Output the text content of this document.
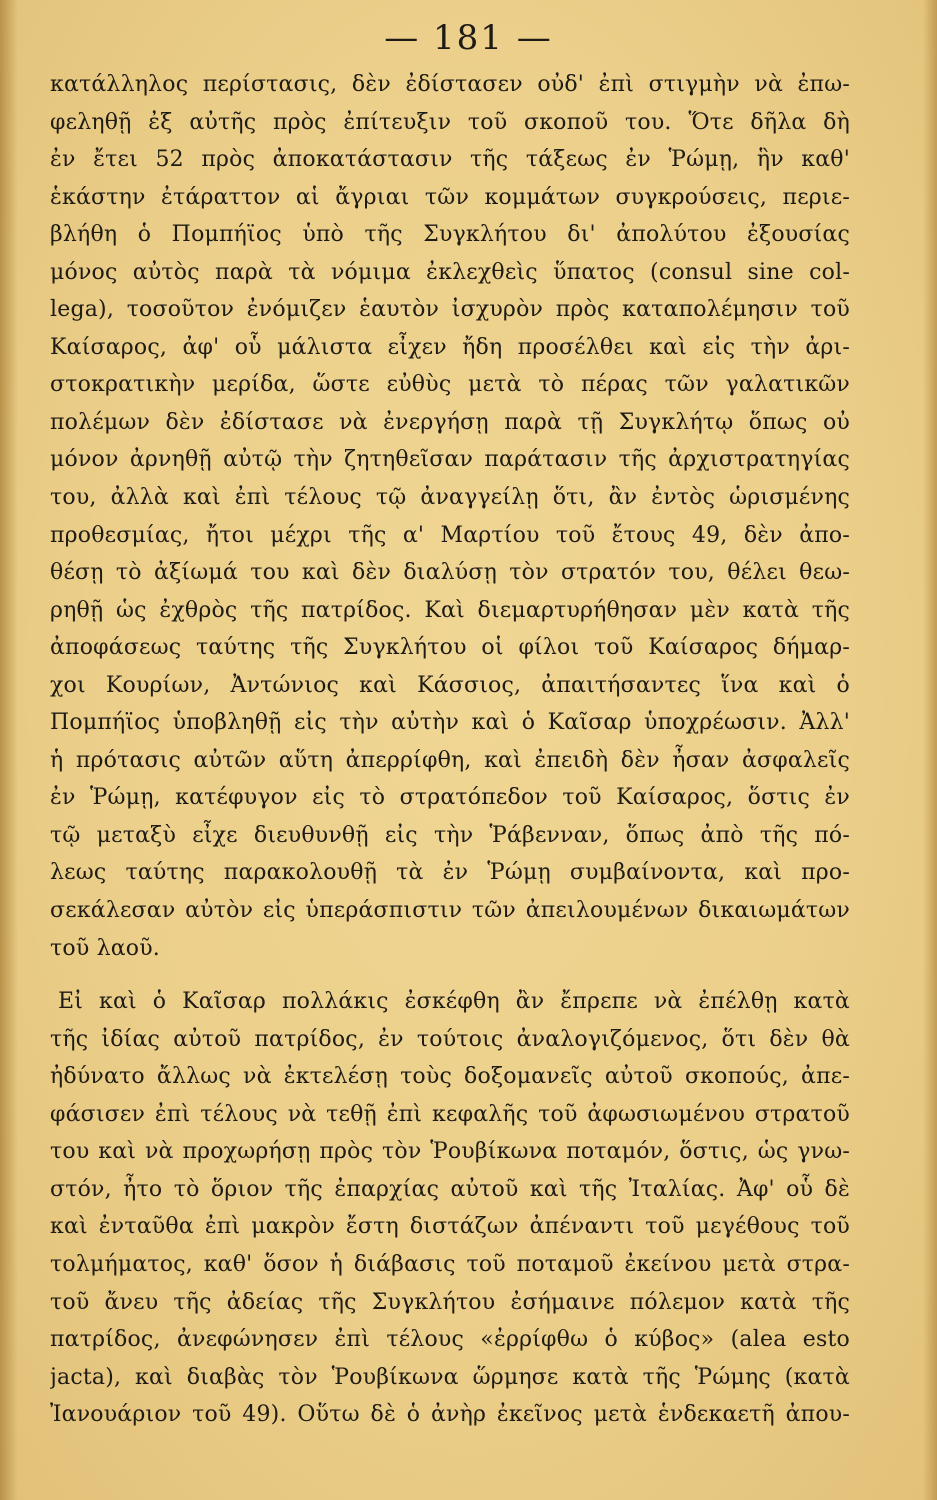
— 181 —
κατάλληλος περίστασις, δὲν ἐδίστασεν οὐδ' ἐπὶ στιγμὴν νὰ ἐπω-
φεληθῇ ἐξ αὐτῆς πρὸς ἐπίτευξιν τοῦ σκοποῦ του. Ὅτε δῆλα δὴ
ἐν ἔτει 52 πρὸς ἀποκατάστασιν τῆς τάξεως ἐν Ῥώμῃ, ἣν καθ'
ἑκάστην ἐτάραττον αἱ ἄγριαι τῶν κομμάτων συγκρούσεις, περιε-
βλήθη ὁ Πομπήϊος ὑπὸ τῆς Συγκλήτου δι' ἀπολύτου ἐξουσίας
μόνος αὐτὸς παρὰ τὰ νόμιμα ἐκλεχθεὶς ὕπατος (consul sine col-
lega), τοσοῦτον ἐνόμιζεν ἑαυτὸν ἰσχυρὸν πρὸς καταπολέμησιν τοῦ
Καίσαρος, ἀφ' οὗ μάλιστα εἶχεν ἤδη προσέλθει καὶ εἰς τὴν ἀρι-
στοκρατικὴν μερίδα, ὥστε εὐθὺς μετὰ τὸ πέρας τῶν γαλατικῶν
πολέμων δὲν ἐδίστασε νὰ ἐνεργήσῃ παρὰ τῇ Συγκλήτῳ ὅπως οὐ
μόνον ἀρνηθῇ αὐτῷ τὴν ζητηθεῖσαν παράτασιν τῆς ἀρχιστρατηγίας
του, ἀλλὰ καὶ ἐπὶ τέλους τῷ ἀναγγείλῃ ὅτι, ἂν ἐντὸς ὡρισμένης
προθεσμίας, ἤτοι μέχρι τῆς α' Μαρτίου τοῦ ἔτους 49, δὲν ἀπο-
θέσῃ τὸ ἀξίωμά του καὶ δὲν διαλύσῃ τὸν στρατόν του, θέλει θεω-
ρηθῇ ὡς ἐχθρὸς τῆς πατρίδος. Καὶ διεμαρτυρήθησαν μὲν κατὰ τῆς
ἀποφάσεως ταύτης τῆς Συγκλήτου οἱ φίλοι τοῦ Καίσαρος δήμαρ-
χοι Κουρίων, Ἀντώνιος καὶ Κάσσιος, ἀπαιτήσαντες ἵνα καὶ ὁ
Πομπήϊος ὑποβληθῇ εἰς τὴν αὐτὴν καὶ ὁ Καῖσαρ ὑποχρέωσιν. Ἀλλ'
ἡ πρότασις αὐτῶν αὕτη ἀπερρίφθη, καὶ ἐπειδὴ δὲν ἦσαν ἀσφαλεῖς
ἐν Ῥώμῃ, κατέφυγον εἰς τὸ στρατόπεδον τοῦ Καίσαρος, ὅστις ἐν
τῷ μεταξὺ εἶχε διευθυνθῇ εἰς τὴν Ῥάβενναν, ὅπως ἀπὸ τῆς πό-
λεως ταύτης παρακολουθῇ τὰ ἐν Ῥώμῃ συμβαίνοντα, καὶ προ-
σεκάλεσαν αὐτὸν εἰς ὑπεράσπιστιν τῶν ἀπειλουμένων δικαιωμάτων
τοῦ λαοῦ.
Εἰ καὶ ὁ Καῖσαρ πολλάκις ἐσκέφθη ἂν ἔπρεπε νὰ ἐπέλθῃ κατὰ
τῆς ἰδίας αὐτοῦ πατρίδος, ἐν τούτοις ἀναλογιζόμενος, ὅτι δὲν θὰ
ἠδύνατο ἄλλως νὰ ἐκτελέσῃ τοὺς δοξομανεῖς αὐτοῦ σκοπούς, ἀπε-
φάσισεν ἐπὶ τέλους νὰ τεθῇ ἐπὶ κεφαλῆς τοῦ ἀφωσιωμένου στρατοῦ
του καὶ νὰ προχωρήσῃ πρὸς τὸν Ῥουβίκωνα ποταμόν, ὅστις, ὡς γνω-
στόν, ἦτο τὸ ὅριον τῆς ἐπαρχίας αὐτοῦ καὶ τῆς Ἰταλίας. Ἀφ' οὗ δὲ
καὶ ἐνταῦθα ἐπὶ μακρὸν ἔστη διστάζων ἀπέναντι τοῦ μεγέθους τοῦ
τολμήματος, καθ' ὅσον ἡ διάβασις τοῦ ποταμοῦ ἐκείνου μετὰ στρα-
τοῦ ἄνευ τῆς ἀδείας τῆς Συγκλήτου ἐσήμαινε πόλεμον κατὰ τῆς
πατρίδος, ἀνεφώνησεν ἐπὶ τέλους «ἐρρίφθω ὁ κύβος» (alea esto
jacta), καὶ διαβὰς τὸν Ῥουβίκωνα ὥρμησε κατὰ τῆς Ῥώμης (κατὰ
Ἰανουάριον τοῦ 49). Οὕτω δὲ ὁ ἀνὴρ ἐκεῖνος μετὰ ἑνδεκαετῆ ἀπου-
